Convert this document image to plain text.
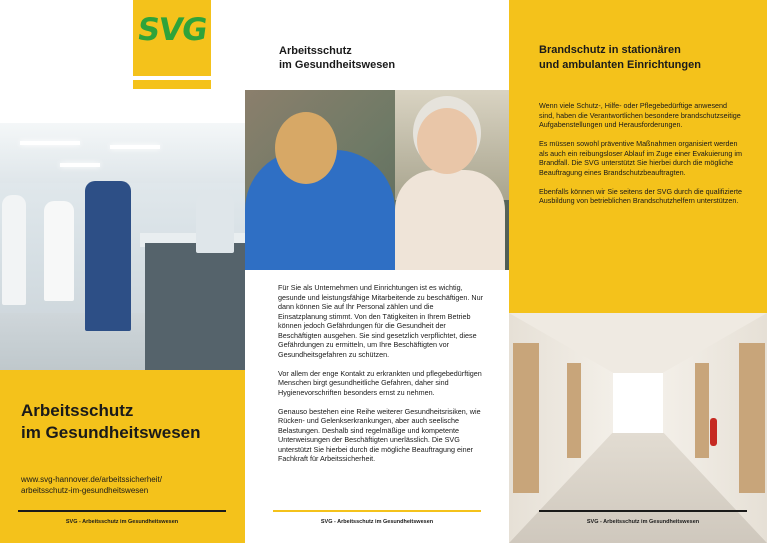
SVG
Arbeitsschutz
im Gesundheitswesen
www.svg-hannover.de/arbeitssicherheit/
arbeitsschutz-im-gesundheitswesen
SVG - Arbeitsschutz im Gesundheitswesen
Arbeitsschutz
im Gesundheitswesen

Für Sie als Unternehmen und Einrichtungen ist es wichtig, gesunde und leistungsfähige Mitarbeitende zu beschäftigen. Nur dann können Sie auf Ihr Personal zählen und die Einsatzplanung stimmt. Von den Tätigkeiten in Ihrem Betrieb können jedoch Gefährdungen für die Gesundheit der Beschäftigten ausgehen. Sie sind gesetzlich verpflichtet, diese Gefährdungen zu ermitteln, um Ihre Beschäftigten vor Gesundheitsgefahren zu schützen.

Vor allem der enge Kontakt zu erkrankten und pflegebedürftigen Menschen birgt gesundheitliche Gefahren, daher sind Hygienevorschriften besonders ernst zu nehmen.

Genauso bestehen eine Reihe weiterer Gesundheitsrisiken, wie Rücken- und Gelenkserkrankungen, aber auch seelische Belastungen. Deshalb sind regelmäßige und kompetente Unterweisungen der Beschäftigten unerlässlich. Die SVG unterstützt Sie hierbei durch die mögliche Beauftragung einer Fachkraft für Arbeitssicherheit.

SVG - Arbeitsschutz im Gesundheitswesen
Brandschutz in stationären
und ambulanten Einrichtungen

Wenn viele Schutz-, Hilfe- oder Pflegebedürftige anwesend sind, haben die Verantwortlichen besondere brandschutzseitige Aufgabenstellungen und Herausforderungen.

Es müssen sowohl präventive Maßnahmen organisiert werden als auch ein reibungsloser Ablauf im Zuge einer Evakuierung im Brandfall. Die SVG unterstützt Sie hierbei durch die mögliche Beauftragung eines Brandschutzbeauftragten.

Ebenfalls können wir Sie seitens der SVG durch die qualifizierte Ausbildung von betrieblichen Brandschutzhelfern unterstützen.

SVG - Arbeitsschutz im Gesundheitswesen
